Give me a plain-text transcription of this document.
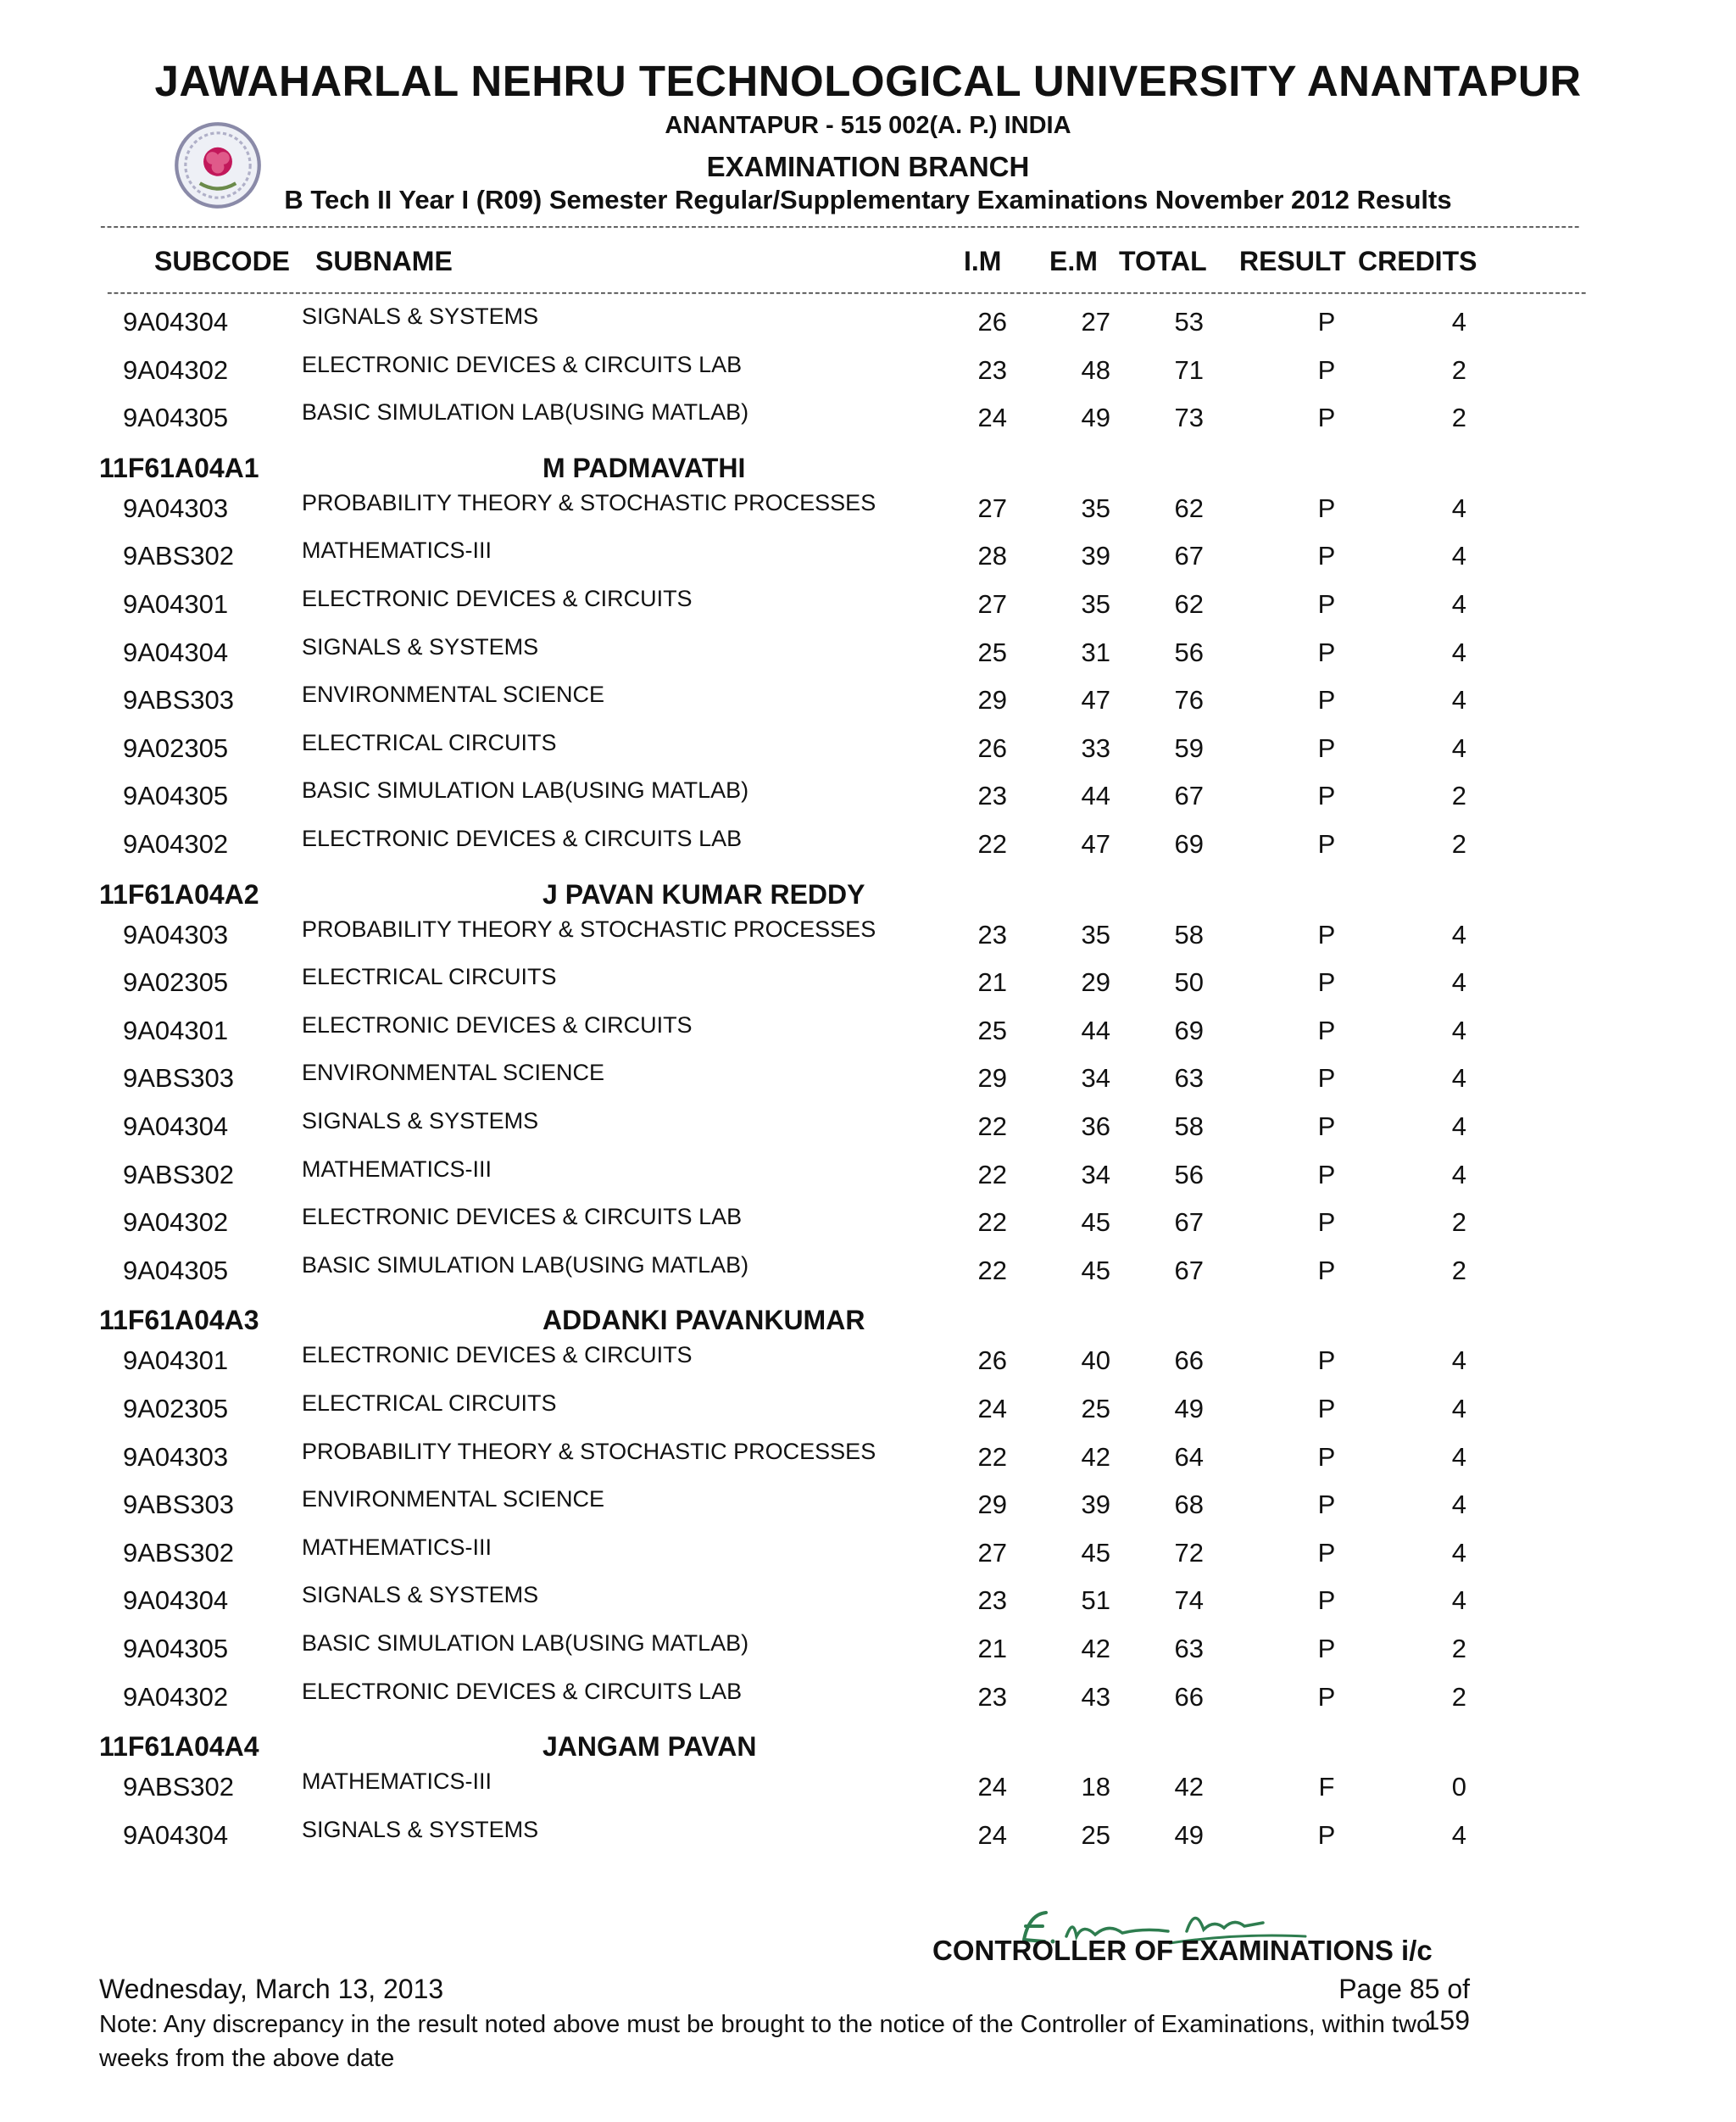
JAWAHARLAL NEHRU TECHNOLOGICAL UNIVERSITY ANANTAPUR
ANANTAPUR - 515 002(A. P.) INDIA
EXAMINATION BRANCH
B Tech II Year I (R09) Semester Regular/Supplementary Examinations November 2012 Results
------------------------------------------------------------------------------------------------------------------------------------------------------------------------------------------------------------------------------------
SUBCODE SUBNAME	I.M E.M TOTAL RESULT CREDITS
------------------------------------------------------------------------------------------------------------------------------------------------------------------------------------------------------------------------------------
9A04304	SIGNALS & SYSTEMS	26	27	53	P	4
9A04302	ELECTRONIC DEVICES & CIRCUITS LAB	23	48	71	P	2
9A04305	BASIC SIMULATION LAB(USING MATLAB)	24	49	73	P	2
11F61A04A1	M PADMAVATHI
9A04303	PROBABILITY THEORY & STOCHASTIC PROCESSES	27	35	62	P	4
9ABS302	MATHEMATICS-III	28	39	67	P	4
9A04301	ELECTRONIC DEVICES & CIRCUITS	27	35	62	P	4
9A04304	SIGNALS & SYSTEMS	25	31	56	P	4
9ABS303	ENVIRONMENTAL SCIENCE	29	47	76	P	4
9A02305	ELECTRICAL CIRCUITS	26	33	59	P	4
9A04305	BASIC SIMULATION LAB(USING MATLAB)	23	44	67	P	2
9A04302	ELECTRONIC DEVICES & CIRCUITS LAB	22	47	69	P	2
11F61A04A2	J PAVAN KUMAR REDDY
9A04303	PROBABILITY THEORY & STOCHASTIC PROCESSES	23	35	58	P	4
9A02305	ELECTRICAL CIRCUITS	21	29	50	P	4
9A04301	ELECTRONIC DEVICES & CIRCUITS	25	44	69	P	4
9ABS303	ENVIRONMENTAL SCIENCE	29	34	63	P	4
9A04304	SIGNALS & SYSTEMS	22	36	58	P	4
9ABS302	MATHEMATICS-III	22	34	56	P	4
9A04302	ELECTRONIC DEVICES & CIRCUITS LAB	22	45	67	P	2
9A04305	BASIC SIMULATION LAB(USING MATLAB)	22	45	67	P	2
11F61A04A3	ADDANKI PAVANKUMAR
9A04301	ELECTRONIC DEVICES & CIRCUITS	26	40	66	P	4
9A02305	ELECTRICAL CIRCUITS	24	25	49	P	4
9A04303	PROBABILITY THEORY & STOCHASTIC PROCESSES	22	42	64	P	4
9ABS303	ENVIRONMENTAL SCIENCE	29	39	68	P	4
9ABS302	MATHEMATICS-III	27	45	72	P	4
9A04304	SIGNALS & SYSTEMS	23	51	74	P	4
9A04305	BASIC SIMULATION LAB(USING MATLAB)	21	42	63	P	2
9A04302	ELECTRONIC DEVICES & CIRCUITS LAB	23	43	66	P	2
11F61A04A4	JANGAM PAVAN
9ABS302	MATHEMATICS-III	24	18	42	F	0
9A04304	SIGNALS & SYSTEMS	24	25	49	P	4
CONTROLLER OF EXAMINATIONS i/c
Wednesday, March 13, 2013	Page 85 of 159
Note: Any discrepancy in the result noted above must be brought to the notice of the Controller of Examinations, within two weeks from the above date
